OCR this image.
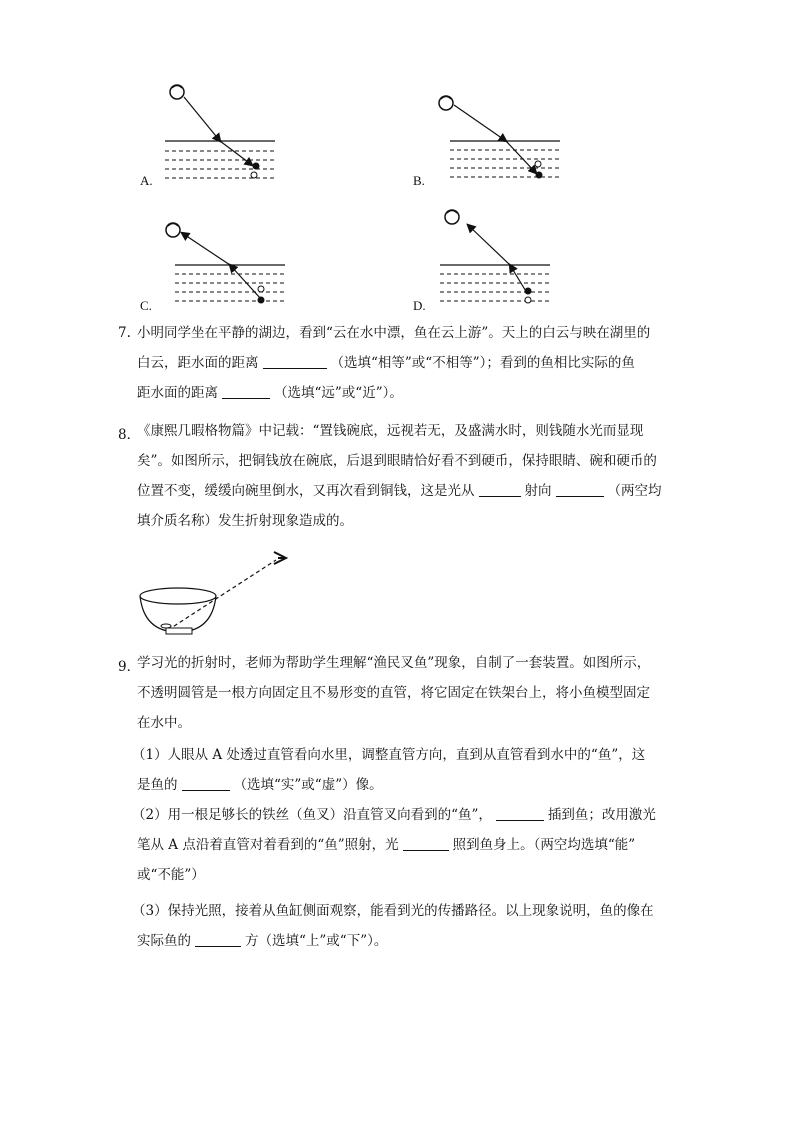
A.	B.
C.	D.
7. 小明同学坐在平静的湖边，看到“云在水中漂，鱼在云上游”。天上的白云与映在湖里的
白云，距水面的距离	（选填“相等”或“不相等”）；看到的鱼相比实际的鱼
距水面的距离	（选填“远”或“近”）。
8．
《康熙几暇格物篇》中记载：“置钱碗底，远视若无，及盛满水时，则钱随水光而显现
矣”。如图所示，把铜钱放在碗底，后退到眼睛恰好看不到硬币，保持眼睛、碗和硬币的
位置不变，缓缓向碗里倒水，又再次看到铜钱，这是光从	射向	（两空均
填介质名称）发生折射现象造成的。
9．
学习光的折射时，老师为帮助学生理解“渔民叉鱼”现象，自制了一套装置。如图所示，
不透明圆管是一根方向固定且不易形变的直管，将它固定在铁架台上，将小鱼模型固定
在水中。
（1）人眼从 A 处透过直管看向水里，调整直管方向，直到从直管看到水中的“鱼”，这
是鱼的	（选填“实”或“虚”）像。
（2）用一根足够长的铁丝（鱼叉）沿直管叉向看到的“鱼”，	插到鱼；改用激光
笔从 A 点沿着直管对着看到的“鱼”照射，光	照到鱼身上。（两空均选填“能”
或“不能”）
（3）保持光照，接着从鱼缸侧面观察，能看到光的传播路径。以上现象说明，鱼的像在
实际鱼的	方（选填“上”或“下”）。
